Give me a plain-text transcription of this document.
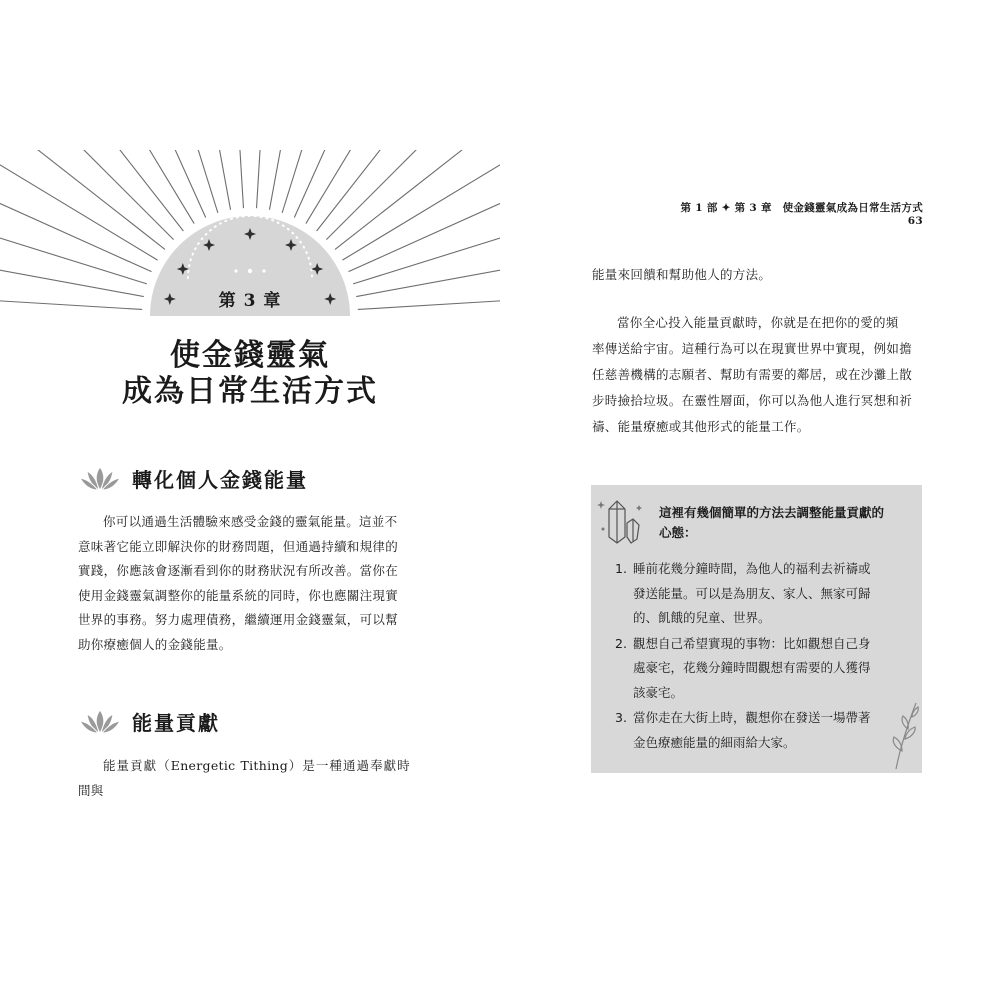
第 3 章
使金錢靈氣
成為日常生活方式
轉化個人金錢能量

你可以通過生活體驗來感受金錢的靈氣能量。這並不
意味著它能立即解決你的財務問題，但通過持續和規律的
實踐，你應該會逐漸看到你的財務狀況有所改善。當你在
使用金錢靈氣調整你的能量系統的同時，你也應關注現實
世界的事務。努力處理債務，繼續運用金錢靈氣，可以幫
助你療癒個人的金錢能量。

能量貢獻

能量貢獻（Energetic Tithing）是一種通過奉獻時間與

第 1 部 ✦ 第 3 章　使金錢靈氣成為日常生活方式63

能量來回饋和幫助他人的方法。

當你全心投入能量貢獻時，你就是在把你的愛的頻
率傳送給宇宙。這種行為可以在現實世界中實現，例如擔
任慈善機構的志願者、幫助有需要的鄰居，或在沙灘上散
步時撿拾垃圾。在靈性層面，你可以為他人進行冥想和祈
禱、能量療癒或其他形式的能量工作。

這裡有幾個簡單的方法去調整能量貢獻的
心態：
1. 睡前花幾分鐘時間，為他人的福利去祈禱或
發送能量。可以是為朋友、家人、無家可歸
的、飢餓的兒童、世界。
2. 觀想自己希望實現的事物：比如觀想自己身
處豪宅，花幾分鐘時間觀想有需要的人獲得
該豪宅。
3. 當你走在大街上時，觀想你在發送一場帶著
金色療癒能量的細雨給大家。
